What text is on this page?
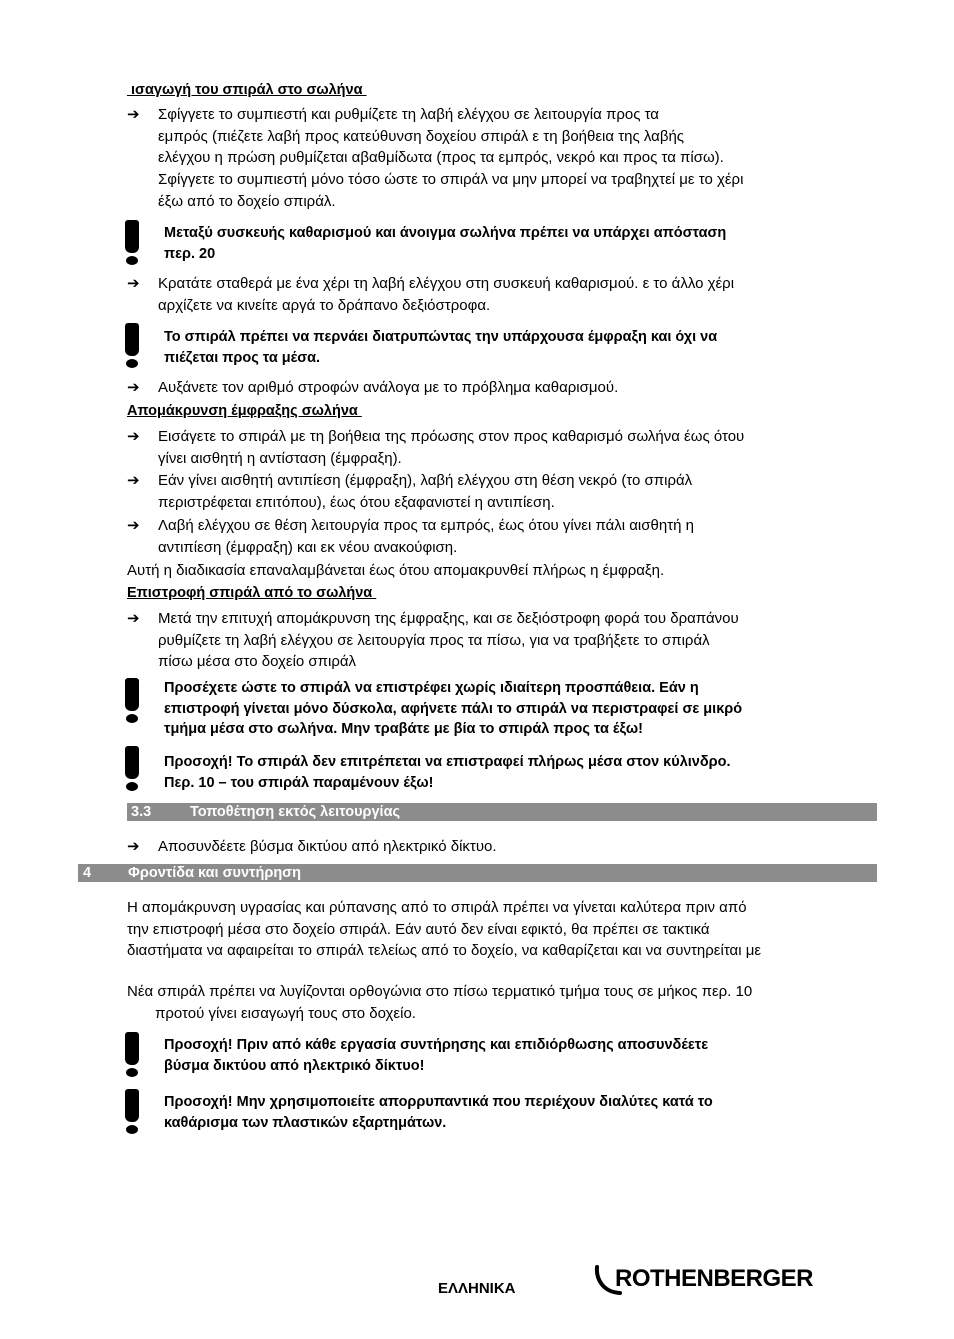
ισαγωγή του σπιράλ στο σωλήνα
➔ Σφίγγετε το συμπιεστή και ρυθμίζετε τη λαβή ελέγχου σε λειτουργία προς τα
εμπρός (πιέζετε λαβή προς κατεύθυνση δοχείου σπιράλ ε τη βοήθεια της λαβής
ελέγχου η πρώση ρυθμίζεται αβαθμίδωτα (προς τα εμπρός, νεκρό και προς τα πίσω).
Σφίγγετε το συμπιεστή μόνο τόσο ώστε το σπιράλ να μην μπορεί να τραβηχτεί με το χέρι
έξω από το δοχείο σπιράλ.
Μεταξύ συσκευής καθαρισμού και άνοιγμα σωλήνα πρέπει να υπάρχει απόσταση
περ. 20
➔ Κρατάτε σταθερά με ένα χέρι τη λαβή ελέγχου στη συσκευή καθαρισμού. ε το άλλο χέρι
αρχίζετε να κινείτε αργά το δράπανο δεξιόστροφα.
Το σπιράλ πρέπει να περνάει διατρυπώντας την υπάρχουσα έμφραξη και όχι να
πιέζεται προς τα μέσα.
➔ Αυξάνετε τον αριθμό στροφών ανάλογα με το πρόβλημα καθαρισμού.
Απομάκρυνση έμφραξης σωλήνα
➔ Εισάγετε το σπιράλ με τη βοήθεια της πρόωσης στον προς καθαρισμό σωλήνα έως ότου
γίνει αισθητή η αντίσταση (έμφραξη).
➔ Εάν γίνει αισθητή αντιπίεση (έμφραξη), λαβή ελέγχου στη θέση νεκρό (το σπιράλ
περιστρέφεται επιτόπου), έως ότου εξαφανιστεί η αντιπίεση.
➔ Λαβή ελέγχου σε θέση λειτουργία προς τα εμπρός, έως ότου γίνει πάλι αισθητή η
αντιπίεση (έμφραξη) και εκ νέου ανακούφιση.
Αυτή η διαδικασία επαναλαμβάνεται έως ότου απομακρυνθεί πλήρως η έμφραξη.
Επιστροφή σπιράλ από το σωλήνα
➔ Μετά την επιτυχή απομάκρυνση της έμφραξης, και σε δεξιόστροφη φορά του δραπάνου
ρυθμίζετε τη λαβή ελέγχου σε λειτουργία προς τα πίσω, για να τραβήξετε το σπιράλ
πίσω μέσα στο δοχείο σπιράλ
Προσέχετε ώστε το σπιράλ να επιστρέφει χωρίς ιδιαίτερη προσπάθεια. Εάν η
επιστροφή γίνεται μόνο δύσκολα, αφήνετε πάλι το σπιράλ να περιστραφεί σε μικρό
τμήμα μέσα στο σωλήνα. Μην τραβάτε με βία το σπιράλ προς τα έξω!
Προσοχή! Το σπιράλ δεν επιτρέπεται να επιστραφεί πλήρως μέσα στον κύλινδρο.
Περ. 10 – του σπιράλ παραμένουν έξω!
3.3	Τοποθέτηση εκτός λειτουργίας
➔ Αποσυνδέετε βύσμα δικτύου από ηλεκτρικό δίκτυο.
4	Φροντίδα και συντήρηση
Η απομάκρυνση υγρασίας και ρύπανσης από το σπιράλ πρέπει να γίνεται καλύτερα πριν από
την επιστροφή μέσα στο δοχείο σπιράλ. Εάν αυτό δεν είναι εφικτό, θα πρέπει σε τακτικά
διαστήματα να αφαιρείται το σπιράλ τελείως από το δοχείο, να καθαρίζεται και να συντηρείται με
Νέα σπιράλ πρέπει να λυγίζονται ορθογώνια στο πίσω τερματικό τμήμα τους σε μήκος περ. 10
προτού γίνει εισαγωγή τους στο δοχείο.
Προσοχή! Πριν από κάθε εργασία συντήρησης και επιδιόρθωσης αποσυνδέετε
βύσμα δικτύου από ηλεκτρικό δίκτυο!
Προσοχή! Μην χρησιμοποιείτε απορρυπαντικά που περιέχουν διαλύτες κατά το
καθάρισμα των πλαστικών εξαρτημάτων.
ΕΛΛΗΝΙΚΑ	ROTHENBERGER
